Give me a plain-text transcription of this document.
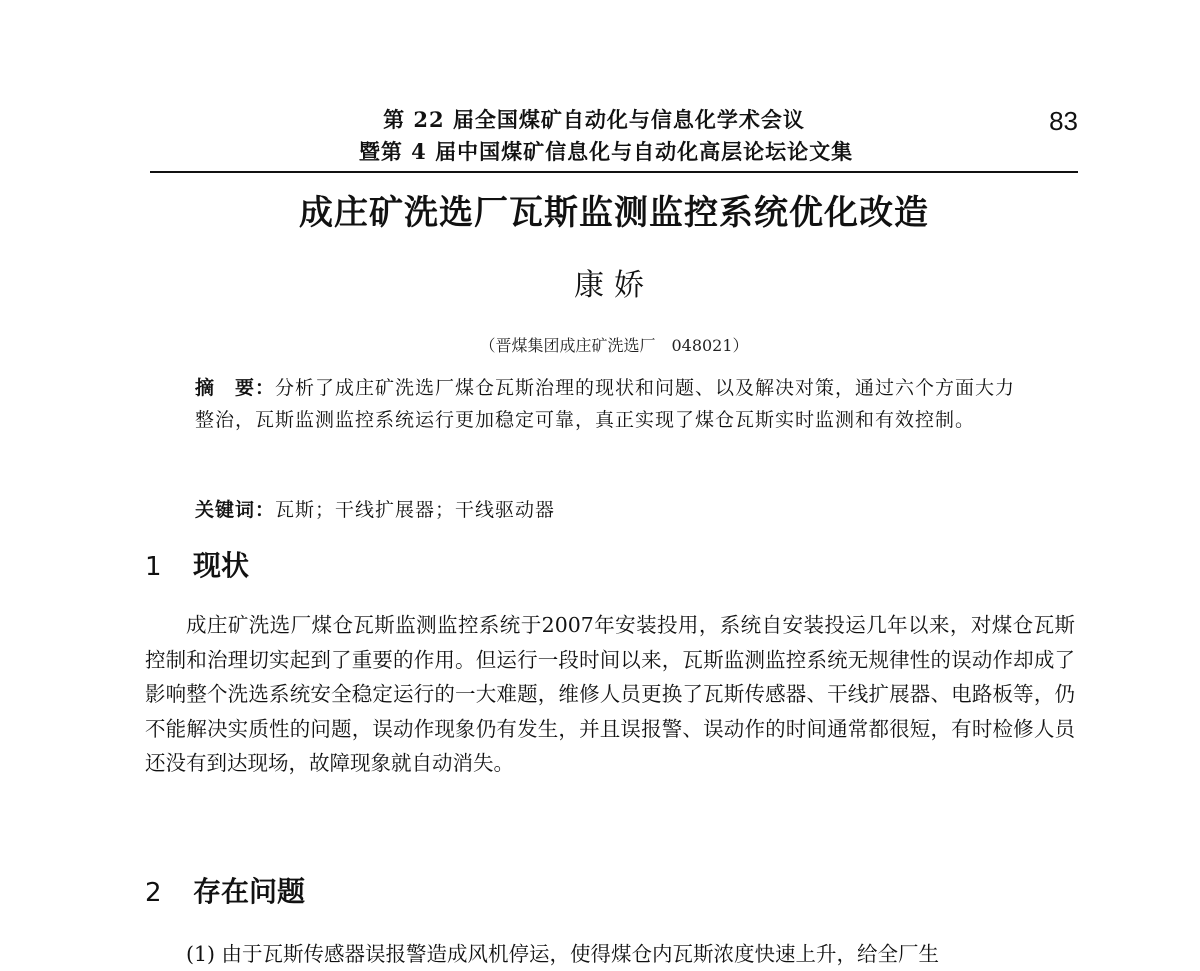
第 22 届全国煤矿自动化与信息化学术会议
暨第 4 届中国煤矿信息化与自动化高层论坛论文集
83
成庄矿洗选厂瓦斯监测监控系统优化改造
康娇
（晋煤集团成庄矿洗选厂　048021）
摘　要：分析了成庄矿洗选厂煤仓瓦斯治理的现状和问题、以及解决对策，通过六个方面大力整治，瓦斯监测监控系统运行更加稳定可靠，真正实现了煤仓瓦斯实时监测和有效控制。
关键词：瓦斯；干线扩展器；干线驱动器
1 现状

成庄矿洗选厂煤仓瓦斯监测监控系统于2007年安装投用，系统自安装投运几年以来，对煤仓瓦斯控制和治理切实起到了重要的作用。但运行一段时间以来，瓦斯监测监控系统无规律性的误动作却成了影响整个洗选系统安全稳定运行的一大难题，维修人员更换了瓦斯传感器、干线扩展器、电路板等，仍不能解决实质性的问题，误动作现象仍有发生，并且误报警、误动作的时间通常都很短，有时检修人员还没有到达现场，故障现象就自动消失。

2 存在问题
(1) 由于瓦斯传感器误报警造成风机停运，使得煤仓内瓦斯浓度快速上升，给全厂生
